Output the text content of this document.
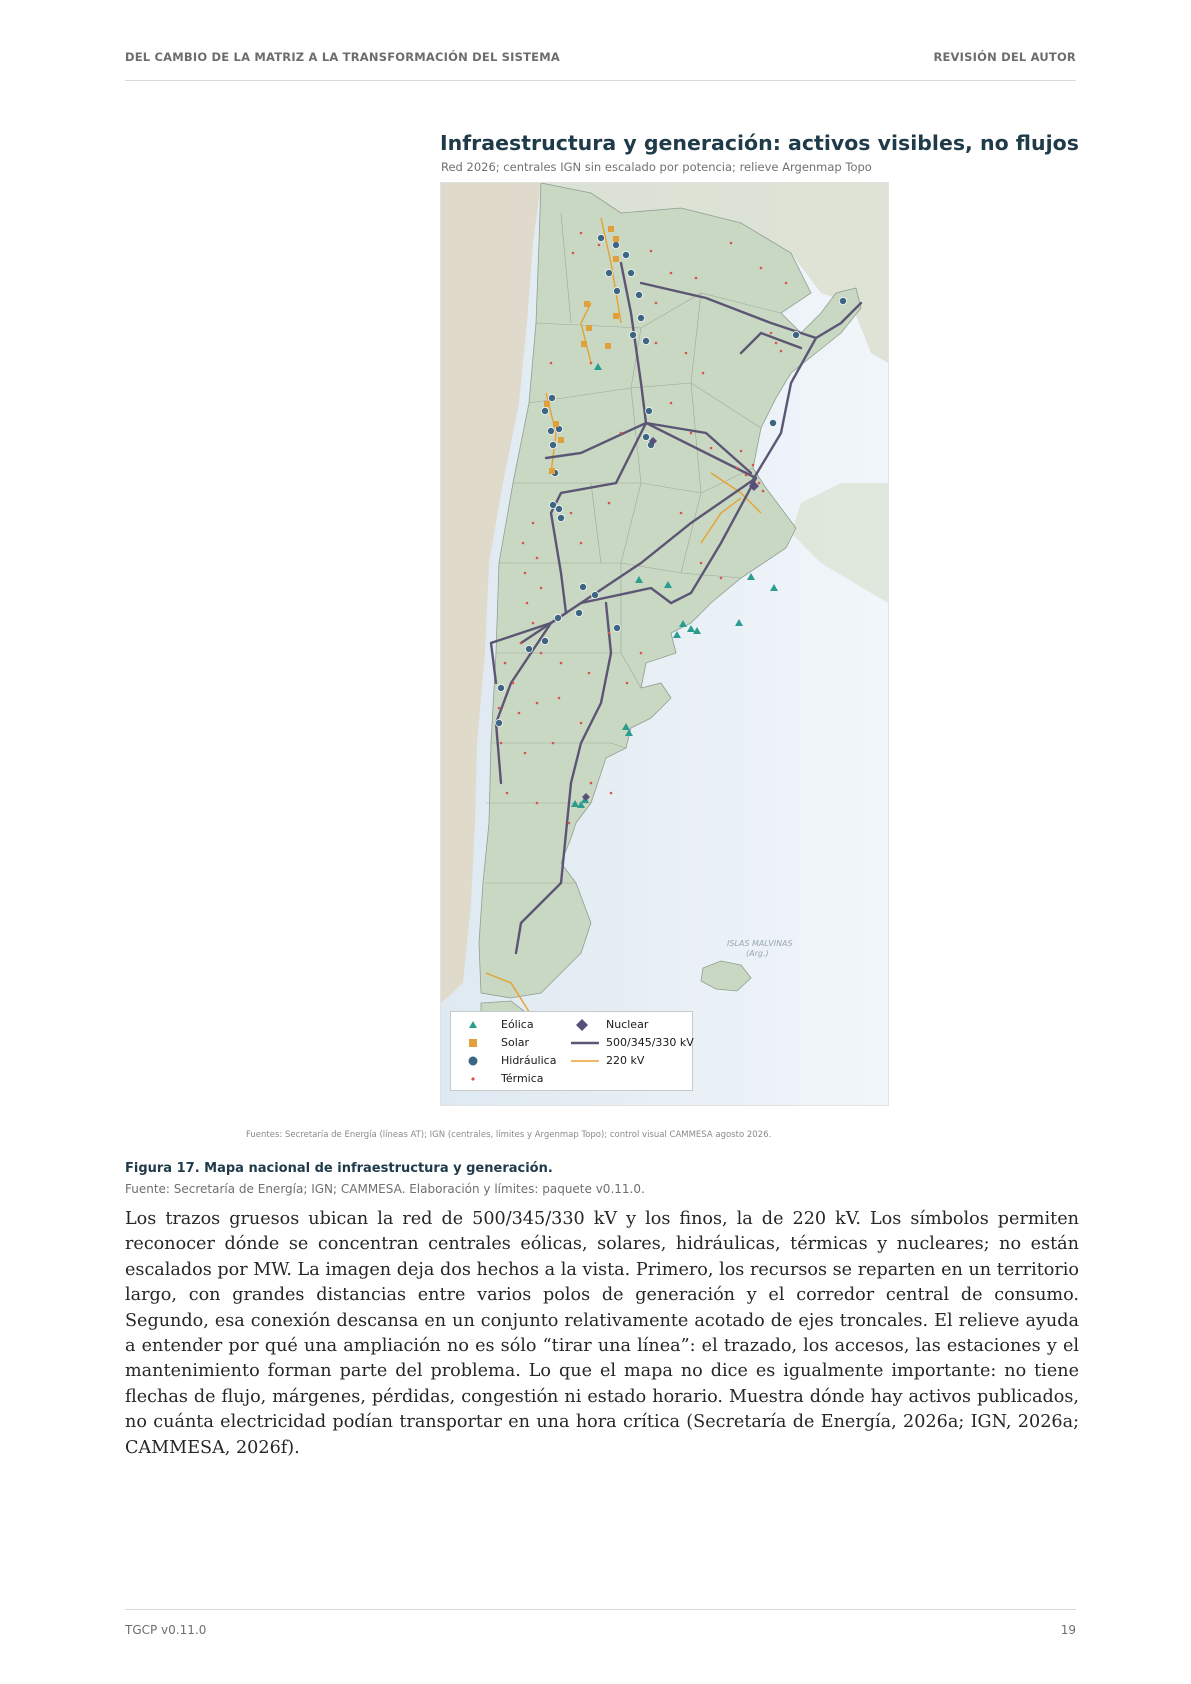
DEL CAMBIO DE LA MATRIZ A LA TRANSFORMACIÓN DEL SISTEMA	REVISIÓN DEL AUTOR
Infraestructura y generación: activos visibles, no flujos
Red 2026; centrales IGN sin escalado por potencia; relieve Argenmap Topo
ISLAS MALVINAS
(Arg.)
Eólica
Solar
Hidráulica
Térmica
Nuclear
500/345/330 kV
220 kV
Fuentes: Secretaría de Energía (líneas AT); IGN (centrales, límites y Argenmap Topo); control visual CAMMESA agosto 2026.
Figura 17. Mapa nacional de infraestructura y generación.
Fuente: Secretaría de Energía; IGN; CAMMESA. Elaboración y límites: paquete v0.11.0.
Los trazos gruesos ubican la red de 500/345/330 kV y los finos, la de 220 kV. Los símbolos permiten reconocer dónde se concentran centrales eólicas, solares, hidráulicas, térmicas y nucleares; no están escalados por MW. La imagen deja dos hechos a la vista. Primero, los recursos se reparten en un territorio largo, con grandes distancias entre varios polos de generación y el corredor central de consumo. Segundo, esa conexión descansa en un conjunto relativamente acotado de ejes troncales. El relieve ayuda a entender por qué una ampliación no es sólo “tirar una línea”: el trazado, los accesos, las estaciones y el mantenimiento forman parte del problema. Lo que el mapa no dice es igualmente importante: no tiene flechas de flujo, márgenes, pérdidas, congestión ni estado horario. Muestra dónde hay activos publicados, no cuánta electricidad podían transportar en una hora crítica (Secretaría de Energía, 2026a; IGN, 2026a; CAMMESA, 2026f).
TGCP v0.11.0	19
